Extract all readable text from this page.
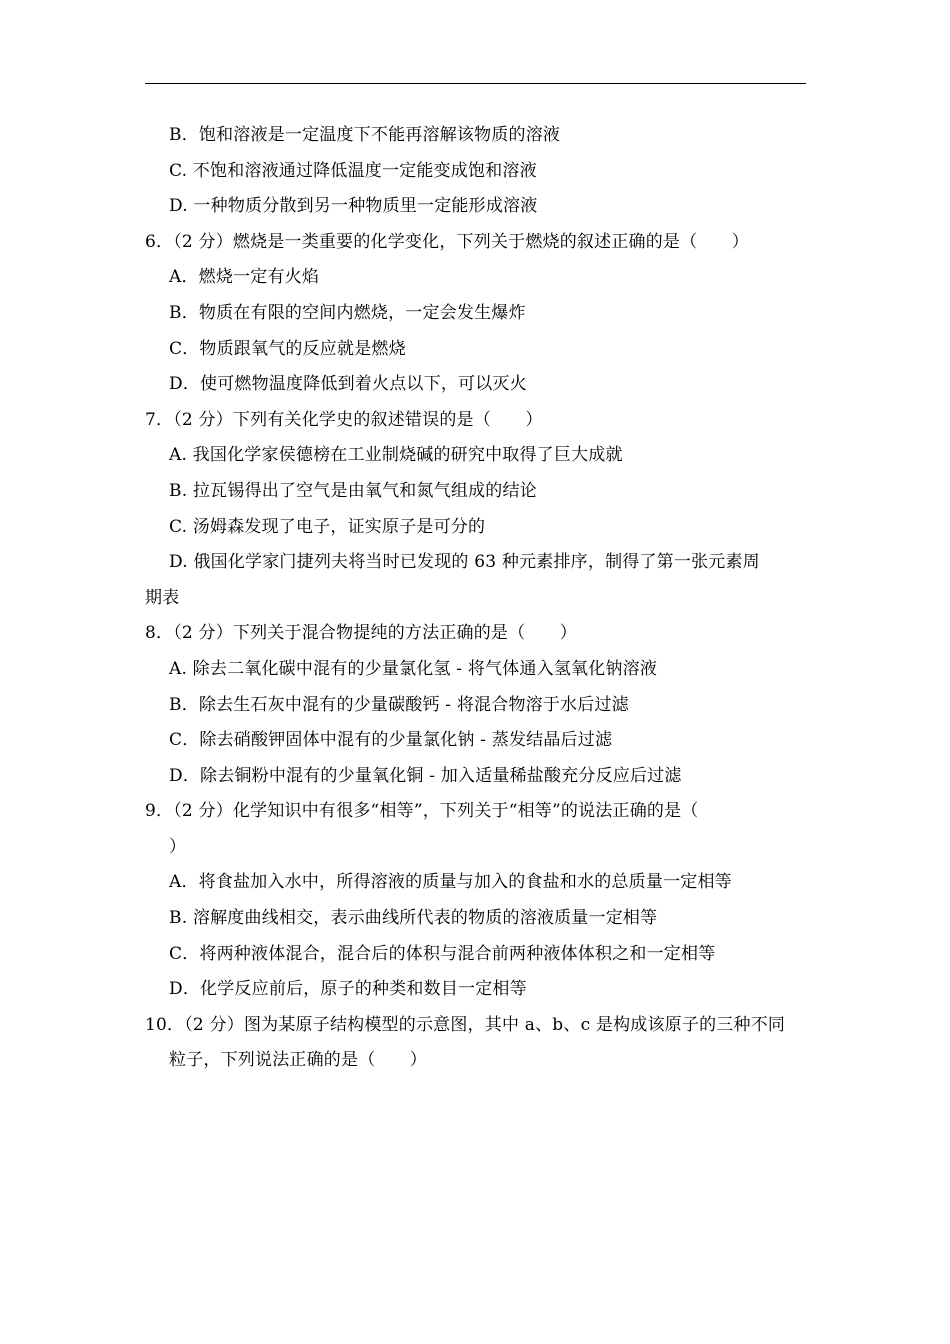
B．饱和溶液是一定温度下不能再溶解该物质的溶液
C. 不饱和溶液通过降低温度一定能变成饱和溶液
D. 一种物质分散到另一种物质里一定能形成溶液
6．（2 分）燃烧是一类重要的化学变化，下列关于燃烧的叙述正确的是（　　）
A．燃烧一定有火焰
B．物质在有限的空间内燃烧，一定会发生爆炸
C．物质跟氧气的反应就是燃烧
D．使可燃物温度降低到着火点以下，可以灭火
7．（2 分）下列有关化学史的叙述错误的是（　　）
A. 我国化学家侯德榜在工业制烧碱的研究中取得了巨大成就
B. 拉瓦锡得出了空气是由氧气和氮气组成的结论
C. 汤姆森发现了电子，证实原子是可分的
D. 俄国化学家门捷列夫将当时已发现的 63 种元素排序，制得了第一张元素周
期表
8．（2 分）下列关于混合物提纯的方法正确的是（　　）
A. 除去二氧化碳中混有的少量氯化氢 - 将气体通入氢氧化钠溶液
B．除去生石灰中混有的少量碳酸钙 - 将混合物溶于水后过滤
C．除去硝酸钾固体中混有的少量氯化钠 - 蒸发结晶后过滤
D．除去铜粉中混有的少量氧化铜 - 加入适量稀盐酸充分反应后过滤
9．（2 分）化学知识中有很多“相等”，下列关于“相等”的说法正确的是（
）
A．将食盐加入水中，所得溶液的质量与加入的食盐和水的总质量一定相等
B. 溶解度曲线相交，表示曲线所代表的物质的溶液质量一定相等
C．将两种液体混合，混合后的体积与混合前两种液体体积之和一定相等
D．化学反应前后，原子的种类和数目一定相等
10．（2 分）图为某原子结构模型的示意图，其中 a、b、c 是构成该原子的三种不同
粒子，下列说法正确的是（　　）
